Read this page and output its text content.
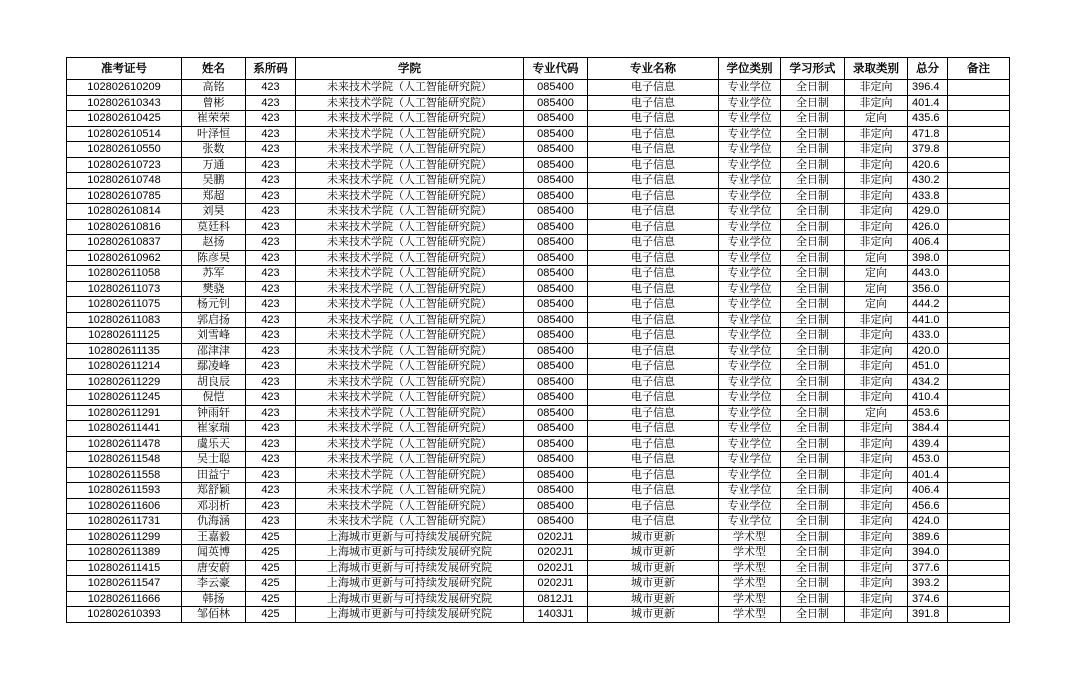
准考证号	姓名	系所码	学院	专业代码	专业名称	学位类别	学习形式	录取类别	总分	备注
102802610209	高铭	423	未来技术学院（人工智能研究院）	085400	电子信息	专业学位	全日制	非定向	396.4	
102802610343	曾彬	423	未来技术学院（人工智能研究院）	085400	电子信息	专业学位	全日制	非定向	401.4	
102802610425	崔荣荣	423	未来技术学院（人工智能研究院）	085400	电子信息	专业学位	全日制	定向	435.6	
102802610514	叶泽恒	423	未来技术学院（人工智能研究院）	085400	电子信息	专业学位	全日制	非定向	471.8	
102802610550	张数	423	未来技术学院（人工智能研究院）	085400	电子信息	专业学位	全日制	非定向	379.8	
102802610723	万通	423	未来技术学院（人工智能研究院）	085400	电子信息	专业学位	全日制	非定向	420.6	
102802610748	吴鹏	423	未来技术学院（人工智能研究院）	085400	电子信息	专业学位	全日制	非定向	430.2	
102802610785	郑超	423	未来技术学院（人工智能研究院）	085400	电子信息	专业学位	全日制	非定向	433.8	
102802610814	刘昊	423	未来技术学院（人工智能研究院）	085400	电子信息	专业学位	全日制	非定向	429.0	
102802610816	莫廷科	423	未来技术学院（人工智能研究院）	085400	电子信息	专业学位	全日制	非定向	426.0	
102802610837	赵扬	423	未来技术学院（人工智能研究院）	085400	电子信息	专业学位	全日制	非定向	406.4	
102802610962	陈彦昊	423	未来技术学院（人工智能研究院）	085400	电子信息	专业学位	全日制	定向	398.0	
102802611058	苏军	423	未来技术学院（人工智能研究院）	085400	电子信息	专业学位	全日制	定向	443.0	
102802611073	樊骁	423	未来技术学院（人工智能研究院）	085400	电子信息	专业学位	全日制	定向	356.0	
102802611075	杨元钊	423	未来技术学院（人工智能研究院）	085400	电子信息	专业学位	全日制	定向	444.2	
102802611083	郭启扬	423	未来技术学院（人工智能研究院）	085400	电子信息	专业学位	全日制	非定向	441.0	
102802611125	刘雪峰	423	未来技术学院（人工智能研究院）	085400	电子信息	专业学位	全日制	非定向	433.0	
102802611135	邵津津	423	未来技术学院（人工智能研究院）	085400	电子信息	专业学位	全日制	非定向	420.0	
102802611214	鄢凌峰	423	未来技术学院（人工智能研究院）	085400	电子信息	专业学位	全日制	非定向	451.0	
102802611229	胡良辰	423	未来技术学院（人工智能研究院）	085400	电子信息	专业学位	全日制	非定向	434.2	
102802611245	倪恺	423	未来技术学院（人工智能研究院）	085400	电子信息	专业学位	全日制	非定向	410.4	
102802611291	钟雨轩	423	未来技术学院（人工智能研究院）	085400	电子信息	专业学位	全日制	定向	453.6	
102802611441	崔家瑞	423	未来技术学院（人工智能研究院）	085400	电子信息	专业学位	全日制	非定向	384.4	
102802611478	虞乐天	423	未来技术学院（人工智能研究院）	085400	电子信息	专业学位	全日制	非定向	439.4	
102802611548	吴士聪	423	未来技术学院（人工智能研究院）	085400	电子信息	专业学位	全日制	非定向	453.0	
102802611558	田益宁	423	未来技术学院（人工智能研究院）	085400	电子信息	专业学位	全日制	非定向	401.4	
102802611593	郑舒颖	423	未来技术学院（人工智能研究院）	085400	电子信息	专业学位	全日制	非定向	406.4	
102802611606	邓羽析	423	未来技术学院（人工智能研究院）	085400	电子信息	专业学位	全日制	非定向	456.6	
102802611731	仇海涵	423	未来技术学院（人工智能研究院）	085400	电子信息	专业学位	全日制	非定向	424.0	
102802611299	王嘉毅	425	上海城市更新与可持续发展研究院	0202J1	城市更新	学术型	全日制	非定向	389.6	
102802611389	闻英博	425	上海城市更新与可持续发展研究院	0202J1	城市更新	学术型	全日制	非定向	394.0	
102802611415	唐安蔚	425	上海城市更新与可持续发展研究院	0202J1	城市更新	学术型	全日制	非定向	377.6	
102802611547	李云豪	425	上海城市更新与可持续发展研究院	0202J1	城市更新	学术型	全日制	非定向	393.2	
102802611666	韩扬	425	上海城市更新与可持续发展研究院	0812J1	城市更新	学术型	全日制	非定向	374.6	
102802610393	邹佰林	425	上海城市更新与可持续发展研究院	1403J1	城市更新	学术型	全日制	非定向	391.8	
